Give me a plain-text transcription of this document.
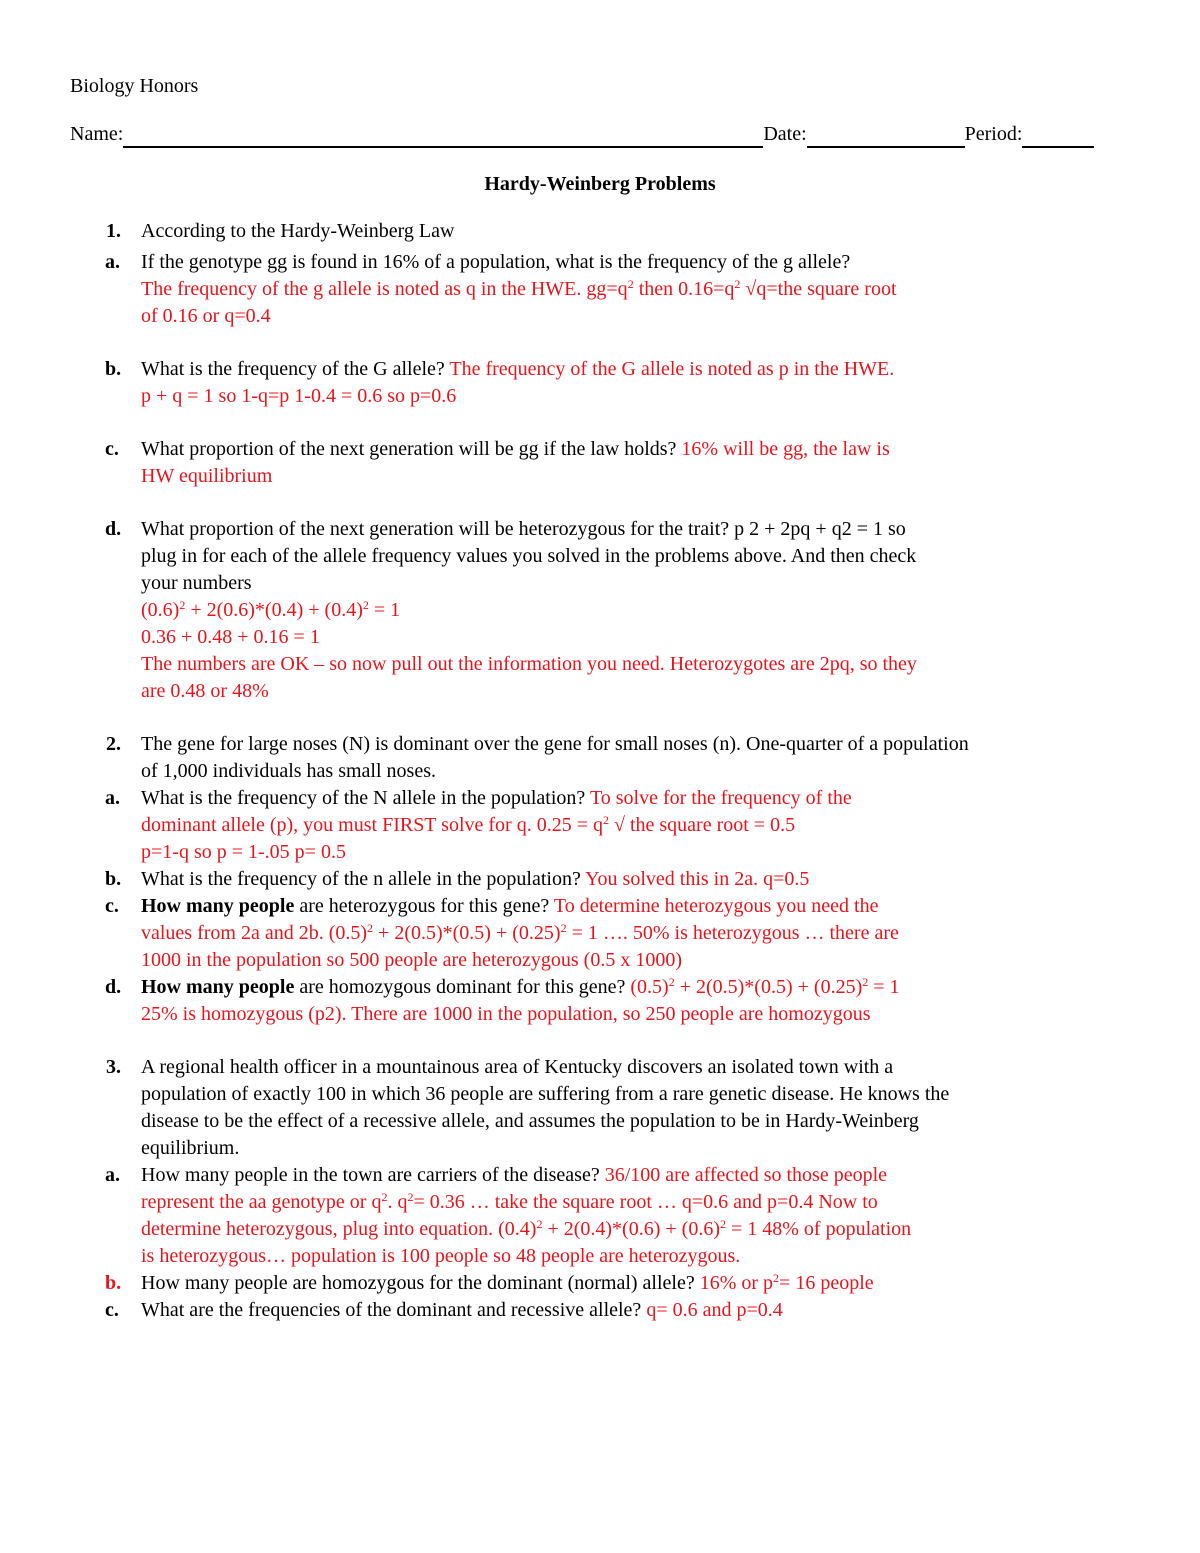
Biology Honors
Name:	Date:	Period:
Hardy-Weinberg Problems
1. According to the Hardy-Weinberg Law
a. If the genotype gg is found in 16% of a population, what is the frequency of the g allele?
The frequency of the g allele is noted as q in the HWE. $gg=q^2$ then $0.16=q^2$ √q=the square root
of 0.16 or q=0.4
b. What is the frequency of the G allele? The frequency of the G allele is noted as p in the HWE.
p + q = 1 so 1-q=p 1-0.4 = 0.6 so p=0.6
c. What proportion of the next generation will be gg if the law holds? 16% will be gg, the law is
HW equilibrium
d. What proportion of the next generation will be heterozygous for the trait? p 2 + 2pq + q2 = 1 so
plug in for each of the allele frequency values you solved in the problems above. And then check
your numbers
$(0.6)^2 + 2(0.6)*(0.4) + (0.4)^2 = 1$
0.36 + 0.48 + 0.16 = 1
The numbers are OK – so now pull out the information you need. Heterozygotes are 2pq, so they
are 0.48 or 48%
2. The gene for large noses (N) is dominant over the gene for small noses (n). One-quarter of a population
of 1,000 individuals has small noses.
a. What is the frequency of the N allele in the population? To solve for the frequency of the
dominant allele (p), you must FIRST solve for q. $0.25 = q^2$ √ the square root = 0.5
p=1-q so p = 1-.05 p= 0.5
b. What is the frequency of the n allele in the population? You solved this in 2a. q=0.5
c. How many people are heterozygous for this gene? To determine heterozygous you need the
values from 2a and 2b. $(0.5)^2 + 2(0.5)*(0.5) + (0.25)^2 = 1$ …. 50% is heterozygous … there are
1000 in the population so 500 people are heterozygous (0.5 x 1000)
d. How many people are homozygous dominant for this gene? $(0.5)^2 + 2(0.5)*(0.5) + (0.25)^2 = 1$
25% is homozygous (p2). There are 1000 in the population, so 250 people are homozygous
3. A regional health officer in a mountainous area of Kentucky discovers an isolated town with a
population of exactly 100 in which 36 people are suffering from a rare genetic disease. He knows the
disease to be the effect of a recessive allele, and assumes the population to be in Hardy-Weinberg
equilibrium.
a. How many people in the town are carriers of the disease? 36/100 are affected so those people
represent the aa genotype or $q^2$. $q^2= 0.36$ … take the square root … q=0.6 and p=0.4 Now to
determine heterozygous, plug into equation. $(0.4)^2 + 2(0.4)*(0.6) + (0.6)^2 = 1$ 48% of population
is heterozygous… population is 100 people so 48 people are heterozygous.
b. How many people are homozygous for the dominant (normal) allele? 16% or $p^2= 16$ people
c. What are the frequencies of the dominant and recessive allele? q= 0.6 and p=0.4
